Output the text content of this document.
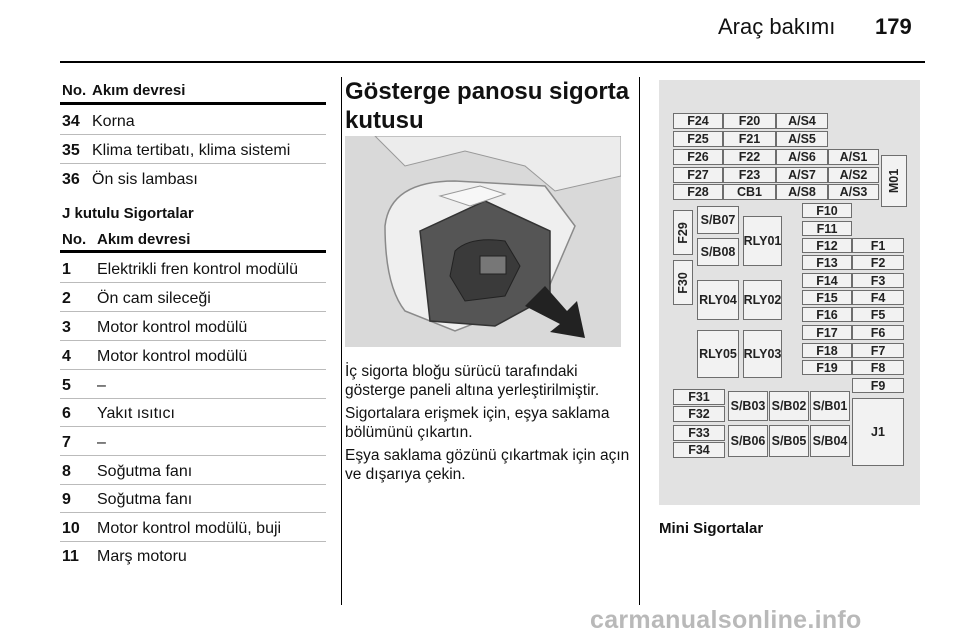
Araç bakımı 179
No. Akım devresi
34 Korna
35 Klima tertibatı, klima sistemi
36 Ön sis lambası
J kutulu Sigortalar
No. Akım devresi
1 Elektrikli fren kontrol modülü
2 Ön cam sileceği
3 Motor kontrol modülü
4 Motor kontrol modülü
5 –
6 Yakıt ısıtıcı
7 –
8 Soğutma fanı
9 Soğutma fanı
10 Motor kontrol modülü, buji
11 Marş motoru
Gösterge panosu sigorta kutusu
İç sigorta bloğu sürücü tarafındaki gösterge paneli altına yerleştirilmiştir.
Sigortalara erişmek için, eşya saklama bölümünü çıkartın.
Eşya saklama gözünü çıkartmak için açın ve dışarıya çekin.
F24	F20	A/S4
F25	F21	A/S5
F26	F22	A/S6	A/S1
F27	F23	A/S7	A/S2
F28	CB1	A/S8	A/S3	M01
F29
F30
S/B07
S/B08
RLY01
F10
F11
F12	F1
F13	F2
RLY04 RLY02
F14	F3
F15	F4
F16	F5
F17	F6
RLY05 RLY03	F18	F7
F19	F8
F9
F31
F32
F33
F34
S/B03 S/B02 S/B01
S/B06 S/B05 S/B04
J1
Mini Sigortalar
carmanualsonline.info
